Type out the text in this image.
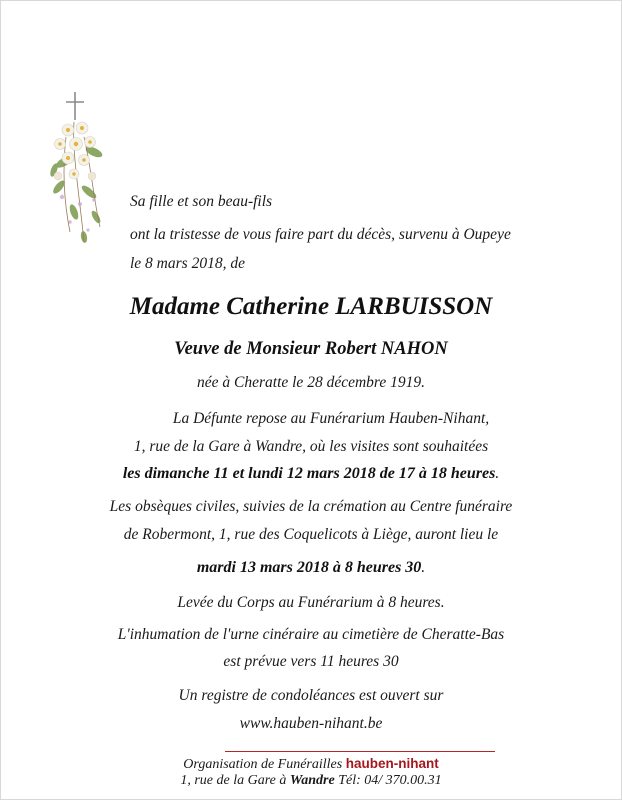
Sa fille et son beau-fils
ont la tristesse de vous faire part du décès, survenu à Oupeye
le 8 mars 2018, de
Madame Catherine LARBUISSON
Veuve de Monsieur Robert NAHON
née à Cheratte le 28 décembre 1919.
La Défunte repose au Funérarium Hauben-Nihant,
1, rue de la Gare à Wandre, où les visites sont souhaitées
les dimanche 11 et lundi 12 mars 2018 de 17 à 18 heures.
Les obsèques civiles, suivies de la crémation au Centre funéraire
de Robermont, 1, rue des Coquelicots à Liège, auront lieu le
mardi 13 mars 2018 à 8 heures 30.
Levée du Corps au Funérarium à 8 heures.
L'inhumation de l'urne cinéraire au cimetière de Cheratte-Bas
est prévue vers 11 heures 30
Un registre de condoléances est ouvert sur
www.hauben-nihant.be
Organisation de Funérailles hauben-nihant
1, rue de la Gare à Wandre Tél: 04/ 370.00.31
